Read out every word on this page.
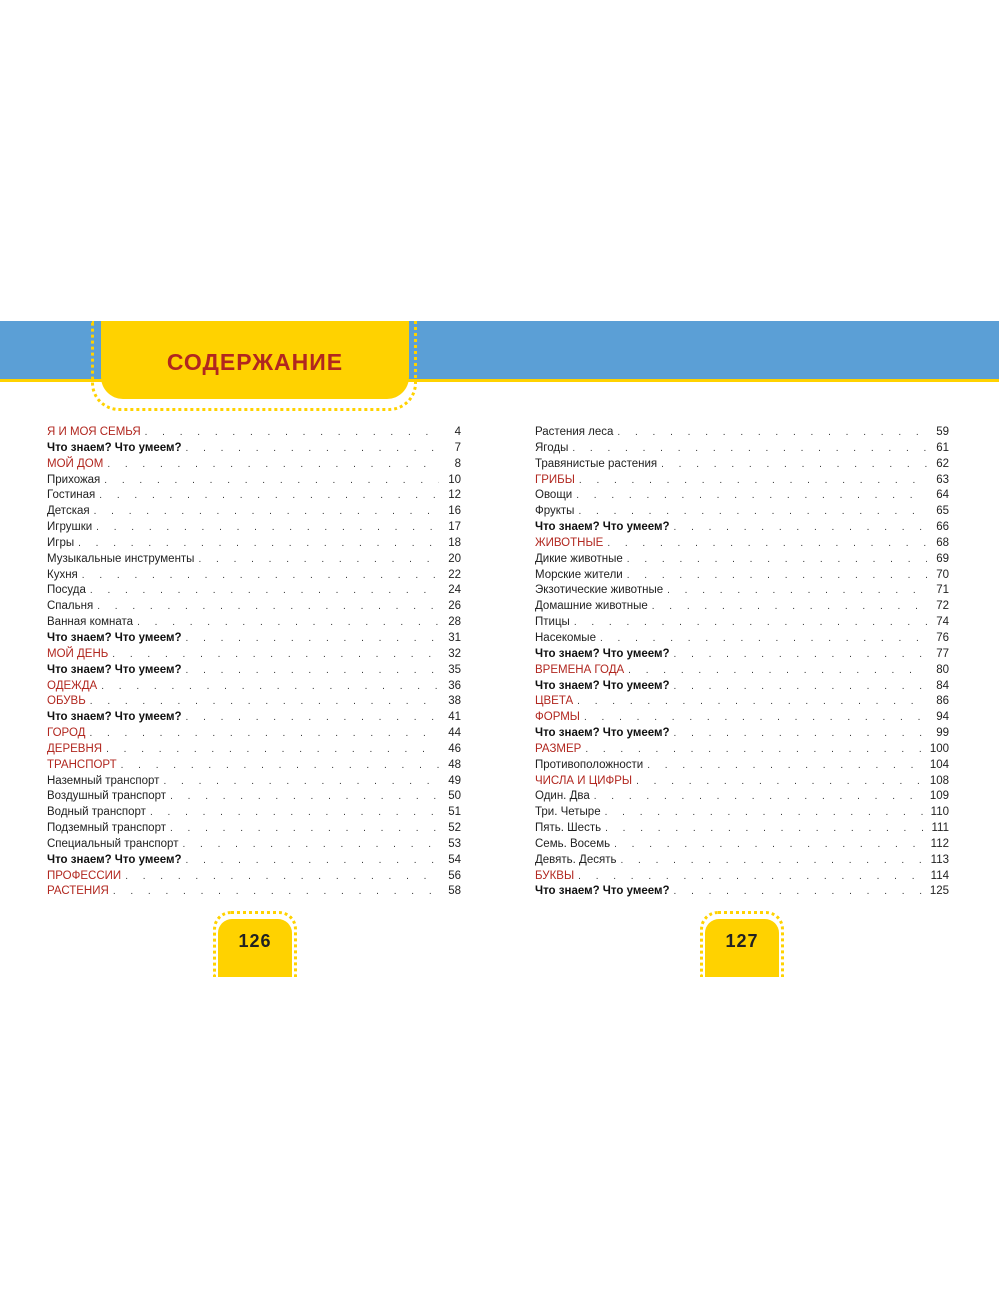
СОДЕРЖАНИЕ
Я И МОЯ СЕМЬЯ . . .	4
Что знаем? Что умеем? . . .	7
МОЙ ДОМ . . .	8
Прихожая . . .	10
Гостиная . . .	12
Детская . . .	16
Игрушки . . .	17
Игры . . .	18
Музыкальные инструменты . . .	20
Кухня . . .	22
Посуда . . .	24
Спальня . . .	26
Ванная комната . . .	28
Что знаем? Что умеем? . . .	31
МОЙ ДЕНЬ . . .	32
Что знаем? Что умеем? . . .	35
ОДЕЖДА . . .	36
ОБУВЬ . . .	38
Что знаем? Что умеем? . . .	41
ГОРОД . . .	44
ДЕРЕВНЯ . . .	46
ТРАНСПОРТ . . .	48
Наземный транспорт . . .	49
Воздушный транспорт . . .	50
Водный транспорт . . .	51
Подземный транспорт . . .	52
Специальный транспорт . . .	53
Что знаем? Что умеем? . . .	54
ПРОФЕССИИ . . .	56
РАСТЕНИЯ . . .	58
Растения леса . . .	59
Ягоды . . .	61
Травянистые растения . . .	62
ГРИБЫ . . .	63
Овощи . . .	64
Фрукты . . .	65
Что знаем? Что умеем? . . .	66
ЖИВОТНЫЕ . . .	68
Дикие животные . . .	69
Морские жители . . .	70
Экзотические животные . . .	71
Домашние животные . . .	72
Птицы . . .	74
Насекомые . . .	76
Что знаем? Что умеем? . . .	77
ВРЕМЕНА ГОДА . . .	80
Что знаем? Что умеем? . . .	84
ЦВЕТА . . .	86
ФОРМЫ . . .	94
Что знаем? Что умеем? . . .	99
РАЗМЕР . . .	100
Противоположности . . .	104
ЧИСЛА И ЦИФРЫ . . .	108
Один. Два . . .	109
Три. Четыре . . .	110
Пять. Шесть . . .	111
Семь. Восемь . . .	112
Девять. Десять . . .	113
БУКВЫ . . .	114
Что знаем? Что умеем? . . .	125
126	127
